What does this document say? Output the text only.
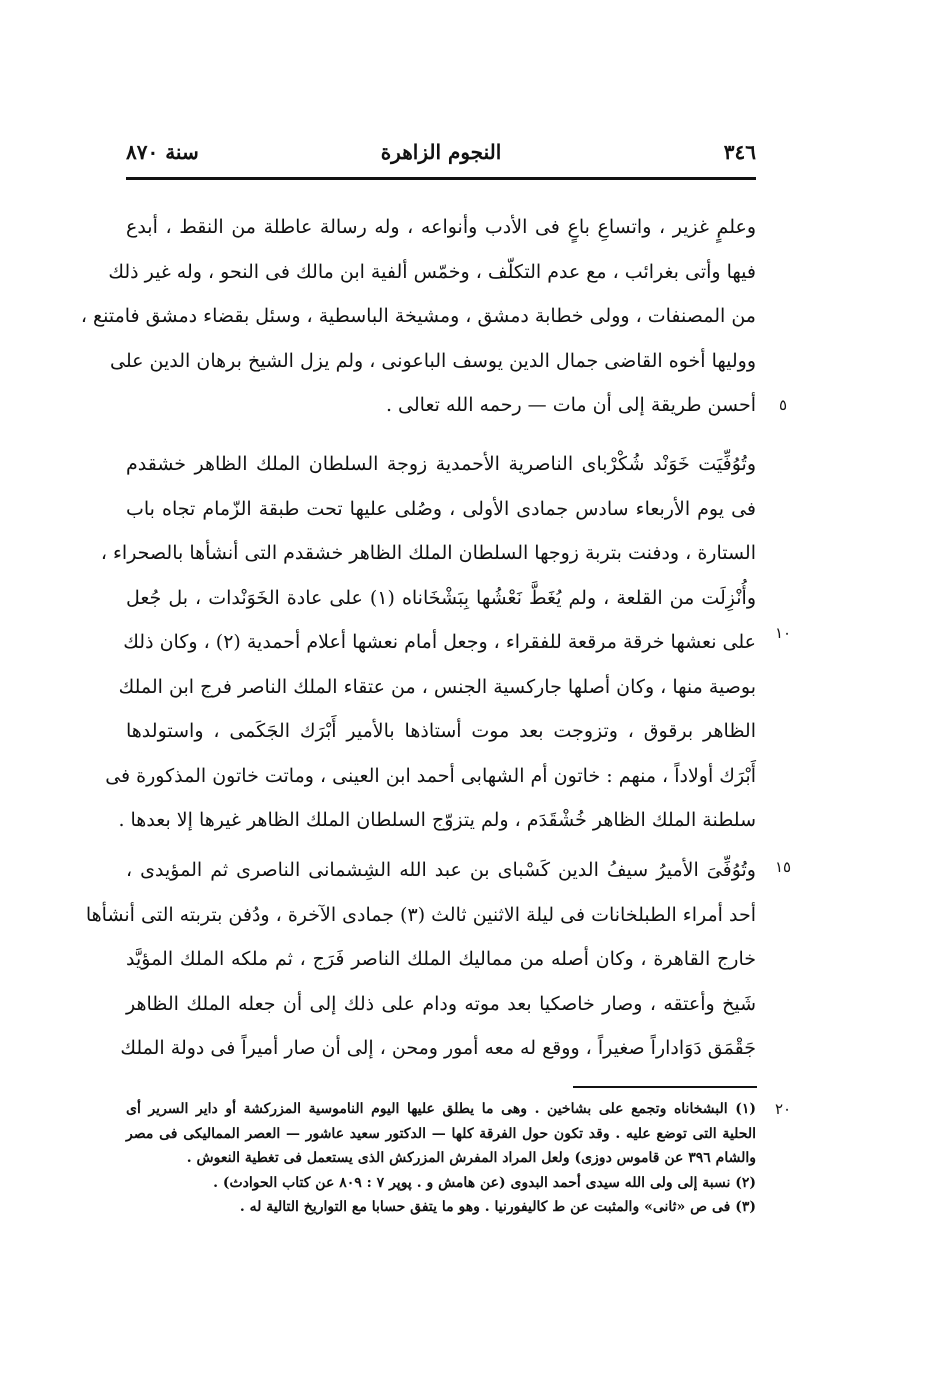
٣٤٦
النجوم الزاهرة
سنة ٨٧٠
وعلمٍ غزير ، واتساعِ باعٍ فى الأدب وأنواعه ، وله رسالة عاطلة من النقط ، أبدع
فيها وأتى بغرائب ، مع عدم التكلّف ، وخمّس ألفية ابن مالك فى النحو ، وله غير ذلك
من المصنفات ، وولى خطابة دمشق ، ومشيخة الباسطية ، وسئل بقضاء دمشق فامتنع ،
ووليها أخوه القاضى جمال الدين يوسف الباعونى ، ولم يزل الشيخ برهان الدين على
أحسن طريقة إلى أن مات — رحمه الله تعالى .
وتُوُفِّيَت خَوَنْد شُكْرْباى الناصرية الأحمدية زوجة السلطان الملك الظاهر خشقدم
فى يوم الأربعاء سادس جمادى الأولى ، وصُلى عليها تحت طبقة الزّمام تجاه باب
الستارة ، ودفنت بتربة زوجها السلطان الملك الظاهر خشقدم التى أنشأها بالصحراء ،
وأُنْزِلَت من القلعة ، ولم يُغَطَّ نَعْشُها بِبَشْخَاناه (١) على عادة الخَوَنْدات ، بل جُعل
على نعشها خرقة مرقعة للفقراء ، وجعل أمام نعشها أعلام أحمدية (٢) ، وكان ذلك
بوصية منها ، وكان أصلها جاركسية الجنس ، من عتقاء الملك الناصر فرج ابن الملك
الظاهر برقوق ، وتزوجت بعد موت أستاذها بالأمير أَبْرَك الجَكَمى ، واستولدها
أَبْرَك أولاداً ، منهم : خاتون أم الشهابى أحمد ابن العينى ، وماتت خاتون المذكورة فى
سلطنة الملك الظاهر خُشْقَدَم ، ولم يتزوّج السلطان الملك الظاهر غيرها إلا بعدها .
وتُوُفِّىَ الأميرُ سيفُ الدين كَسْباى بن عبد الله الشِشمانى الناصرى ثم المؤيدى ،
أحد أمراء الطبلخانات فى ليلة الاثنين ثالث (٣) جمادى الآخرة ، ودُفن بتربته التى أنشأها
خارج القاهرة ، وكان أصله من مماليك الملك الناصر فَرَج ، ثم ملكه الملك المؤيَّد
شَيخ وأعتقه ، وصار خاصكيا بعد موته ودام على ذلك إلى أن جعله الملك الظاهر
جَقْمَق دَوَاداراً صغيراً ، ووقع له معه أمور ومحن ، إلى أن صار أميراً فى دولة الملك
٥
١٠
١٥
٢٠
(١) البشخاناه وتجمع على بشاخين . وهى ما يطلق عليها اليوم الناموسية المزركشة أو داير السرير أى
الحلية التى توضع عليه . وقد تكون حول الفرقة كلها — الدكتور سعيد عاشور — العصر المماليكى فى مصر
والشام ٣٩٦ عن قاموس دوزى) ولعل المراد المفرش المزركش الذى يستعمل فى تغطية النعوش .
(٢) نسبة إلى ولى الله سيدى أحمد البدوى (عن هامش و . پوپر ٧ : ٨٠٩ عن كتاب الحوادث) .
(٣) فى ص «ثانى» والمثبت عن ط كاليفورنيا . وهو ما يتفق حسابا مع التواريخ التالية له .
